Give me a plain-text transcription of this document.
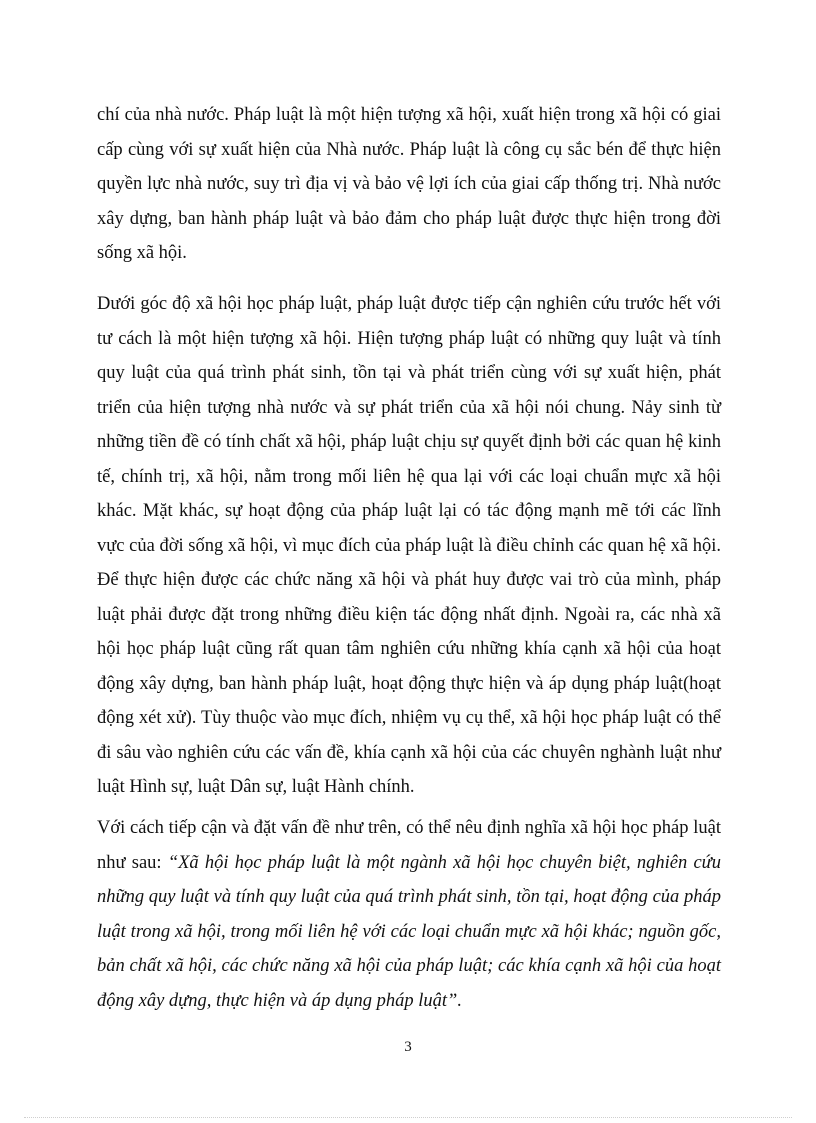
chí của nhà nước. Pháp luật là một hiện tượng xã hội, xuất hiện trong xã hội có giai cấp cùng với sự xuất hiện của Nhà nước. Pháp luật là công cụ sắc bén để thực hiện quyền lực nhà nước, suy trì địa vị và bảo vệ lợi ích của giai cấp thống trị. Nhà nước xây dựng, ban hành pháp luật và bảo đảm cho pháp luật được thực hiện trong đời sống xã hội.

Dưới góc độ xã hội học pháp luật, pháp luật được tiếp cận nghiên cứu trước hết với tư cách là một hiện tượng xã hội. Hiện tượng pháp luật có những quy luật và tính quy luật của quá trình phát sinh, tồn tại và phát triển cùng với sự xuất hiện, phát triển của hiện tượng nhà nước và sự phát triển của xã hội nói chung. Nảy sinh từ những tiền đề có tính chất xã hội, pháp luật chịu sự quyết định bởi các quan hệ kinh tế, chính trị, xã hội, nằm trong mối liên hệ qua lại với các loại chuẩn mực xã hội khác. Mặt khác, sự hoạt động của pháp luật lại có tác động mạnh mẽ tới các lĩnh vực của đời sống xã hội, vì mục đích của pháp luật là điều chỉnh các quan hệ xã hội. Để thực hiện được các chức năng xã hội và phát huy được vai trò của mình, pháp luật phải được đặt trong những điều kiện tác động nhất định. Ngoài ra, các nhà xã hội học pháp luật cũng rất quan tâm nghiên cứu những khía cạnh xã hội của hoạt động xây dựng, ban hành pháp luật, hoạt động thực hiện và áp dụng pháp luật(hoạt động xét xử). Tùy thuộc vào mục đích, nhiệm vụ cụ thể, xã hội học pháp luật có thể đi sâu vào nghiên cứu các vấn đề, khía cạnh xã hội của các chuyên nghành luật như luật Hình sự, luật Dân sự, luật Hành chính.

Với cách tiếp cận và đặt vấn đề như trên, có thể nêu định nghĩa xã hội học pháp luật như sau: “Xã hội học pháp luật là một ngành xã hội học chuyên biệt, nghiên cứu những quy luật và tính quy luật của quá trình phát sinh, tồn tại, hoạt động của pháp luật trong xã hội, trong mối liên hệ với các loại chuẩn mực xã hội khác; nguồn gốc, bản chất xã hội, các chức năng xã hội của pháp luật; các khía cạnh xã hội của hoạt động xây dựng, thực hiện và áp dụng pháp luật”.

3
